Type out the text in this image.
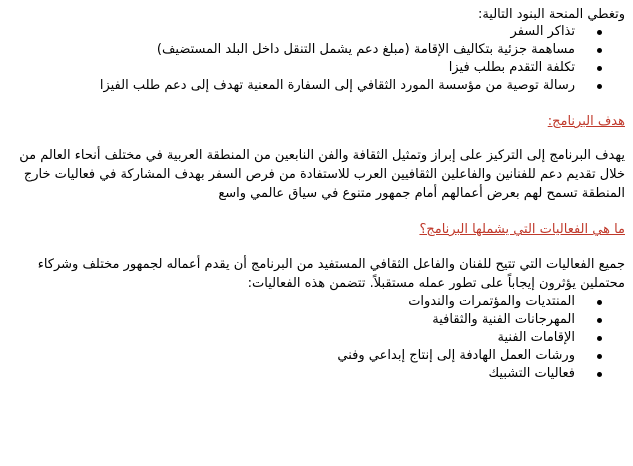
وتغطي المنحة البنود التالية:

تذاكر السفر
مساهمة جزئية بتكاليف الإقامة (مبلغ دعم يشمل التنقل داخل البلد المستضيف)
تكلفة التقدم بطلب فيزا
رسالة توصية من مؤسسة المورد الثقافي إلى السفارة المعنية تهدف إلى دعم طلب الفيزا
هدف البرنامج:
يهدف البرنامج إلى التركيز على إبراز وتمثيل الثقافة والفن النابعين من المنطقة العربية في مختلف أنحاء العالم من
خلال تقديم دعم للفنانين والفاعلين الثقافيين العرب للاستفادة من فرص السفر بهدف المشاركة في فعاليات خارج
المنطقة تسمح لهم بعرض أعمالهم أمام جمهور متنوع في سياق عالمي واسع
ما هي الفعاليات التي يشملها البرنامج؟
جميع الفعاليات التي تتيح للفنان والفاعل الثقافي المستفيد من البرنامج أن يقدم أعماله لجمهور مختلف وشركاء
محتملين يؤثرون إيجاباً على تطور عمله مستقبلاً. تتضمن هذه الفعاليات:
المنتديات والمؤتمرات والندوات
المهرجانات الفنية والثقافية
الإقامات الفنية
ورشات العمل الهادفة إلى إنتاج إبداعي وفني
فعاليات التشبيك
